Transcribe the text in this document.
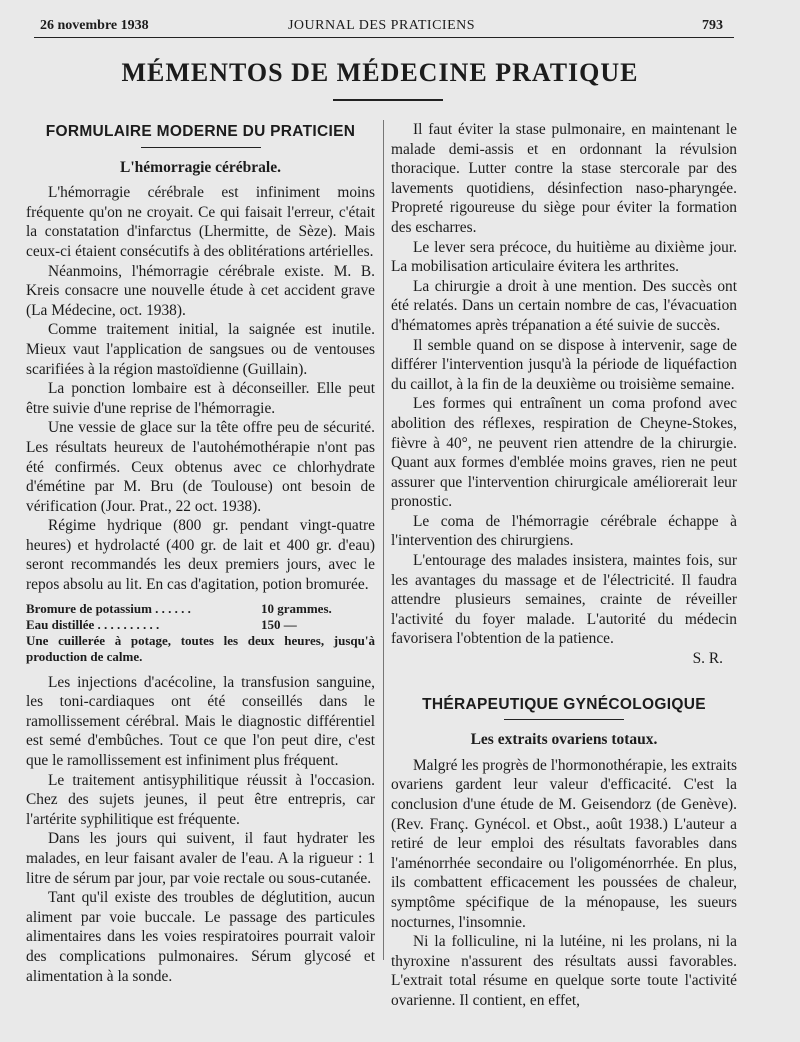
26 novembre 1938	JOURNAL DES PRATICIENS	793
MÉMENTOS DE MÉDECINE PRATIQUE
FORMULAIRE MODERNE DU PRATICIEN
L'hémorragie cérébrale.

L'hémorragie cérébrale est infiniment moins fréquente qu'on ne croyait. Ce qui faisait l'erreur, c'était la constatation d'infarctus (Lhermitte, de Sèze). Mais ceux-ci étaient consécutifs à des oblitérations artérielles.

Néanmoins, l'hémorragie cérébrale existe. M. B. Kreis consacre une nouvelle étude à cet accident grave (La Médecine, oct. 1938).

Comme traitement initial, la saignée est inutile. Mieux vaut l'application de sangsues ou de ventouses scarifiées à la région mastoïdienne (Guillain).

La ponction lombaire est à déconseiller. Elle peut être suivie d'une reprise de l'hémorragie.

Une vessie de glace sur la tête offre peu de sécurité. Les résultats heureux de l'autohémothérapie n'ont pas été confirmés. Ceux obtenus avec ce chlorhydrate d'émétine par M. Bru (de Toulouse) ont besoin de vérification (Jour. Prat., 22 oct. 1938).

Régime hydrique (800 gr. pendant vingt-quatre heures) et hydrolacté (400 gr. de lait et 400 gr. d'eau) seront recommandés les deux premiers jours, avec le repos absolu au lit. En cas d'agitation, potion bromurée.

Bromure de potassium . . . . . .	10 grammes.
Eau distillée . . . . . . . . . .	150 —

Une cuillerée à potage, toutes les deux heures, jusqu'à production de calme.

Les injections d'acécoline, la transfusion sanguine, les toni-cardiaques ont été conseillés dans le ramollissement cérébral. Mais le diagnostic différentiel est semé d'embûches. Tout ce que l'on peut dire, c'est que le ramollissement est infiniment plus fréquent.

Le traitement antisyphilitique réussit à l'occasion. Chez des sujets jeunes, il peut être entrepris, car l'artérite syphilitique est fréquente.

Dans les jours qui suivent, il faut hydrater les malades, en leur faisant avaler de l'eau. A la rigueur : 1 litre de sérum par jour, par voie rectale ou sous-cutanée.

Tant qu'il existe des troubles de déglutition, aucun aliment par voie buccale. Le passage des particules alimentaires dans les voies respiratoires pourrait valoir des complications pulmonaires. Sérum glycosé et alimentation à la sonde.

Il faut éviter la stase pulmonaire, en maintenant le malade demi-assis et en ordonnant la révulsion thoracique. Lutter contre la stase stercorale par des lavements quotidiens, désinfection naso-pharyngée. Propreté rigoureuse du siège pour éviter la formation des escharres.

Le lever sera précoce, du huitième au dixième jour. La mobilisation articulaire évitera les arthrites.

La chirurgie a droit à une mention. Des succès ont été relatés. Dans un certain nombre de cas, l'évacuation d'hématomes après trépanation a été suivie de succès.

Il semble quand on se dispose à intervenir, sage de différer l'intervention jusqu'à la période de liquéfaction du caillot, à la fin de la deuxième ou troisième semaine.

Les formes qui entraînent un coma profond avec abolition des réflexes, respiration de Cheyne-Stokes, fièvre à 40°, ne peuvent rien attendre de la chirurgie. Quant aux formes d'emblée moins graves, rien ne peut assurer que l'intervention chirurgicale améliorerait leur pronostic.

Le coma de l'hémorragie cérébrale échappe à l'intervention des chirurgiens.

L'entourage des malades insistera, maintes fois, sur les avantages du massage et de l'électricité. Il faudra attendre plusieurs semaines, crainte de réveiller l'activité du foyer malade. L'autorité du médecin favorisera l'obtention de la patience.

S. R.
THÉRAPEUTIQUE GYNÉCOLOGIQUE
Les extraits ovariens totaux.

Malgré les progrès de l'hormonothérapie, les extraits ovariens gardent leur valeur d'efficacité. C'est la conclusion d'une étude de M. Geisendorz (de Genève). (Rev. Franç. Gynécol. et Obst., août 1938.) L'auteur a retiré de leur emploi des résultats favorables dans l'aménorrhée secondaire ou l'oligoménorrhée. En plus, ils combattent efficacement les poussées de chaleur, symptôme spécifique de la ménopause, les sueurs nocturnes, l'insomnie.

Ni la folliculine, ni la lutéine, ni les prolans, ni la thyroxine n'assurent des résultats aussi favorables. L'extrait total résume en quelque sorte toute l'activité ovarienne. Il contient, en effet,
